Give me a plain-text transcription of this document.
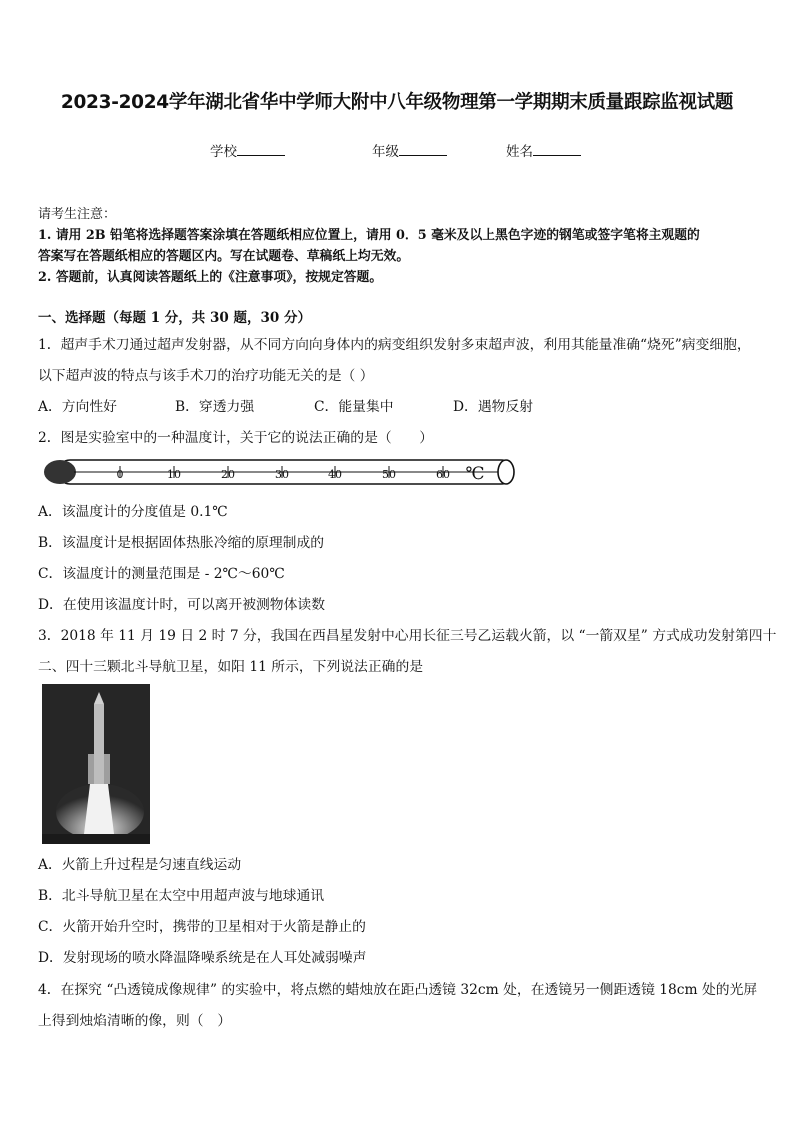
2023-2024学年湖北省华中学师大附中八年级物理第一学期期末质量跟踪监视试题
学校	年级	姓名
请考生注意：
1. 请用 2B 铅笔将选择题答案涂填在答题纸相应位置上，请用 0．5 毫米及以上黑色字迹的钢笔或签字笔将主观题的
答案写在答题纸相应的答题区内。写在试题卷、草稿纸上均无效。
2. 答题前，认真阅读答题纸上的《注意事项》，按规定答题。
一、选择题（每题 1 分，共 30 题，30 分）
1．超声手术刀通过超声发射器，从不同方向向身体内的病变组织发射多束超声波，利用其能量准确“烧死”病变细胞，
以下超声波的特点与该手术刀的治疗功能无关的是（ ）
A．方向性好	B．穿透力强	C．能量集中	D．遇物反射
2．图是实验室中的一种温度计，关于它的说法正确的是（　　）
0	10	20	30	40	50	60 ℃
A．该温度计的分度值是 0.1℃
B．该温度计是根据固体热胀冷缩的原理制成的
C．该温度计的测量范围是 - 2℃～60℃
D．在使用该温度计时，可以离开被测物体读数
3．2018 年 11 月 19 日 2 时 7 分，我国在西昌星发射中心用长征三号乙运载火箭，以 “一箭双星” 方式成功发射第四十
二、四十三颗北斗导航卫星，如阳 11 所示，下列说法正确的是
A．火箭上升过程是匀速直线运动
B．北斗导航卫星在太空中用超声波与地球通讯
C．火箭开始升空时，携带的卫星相对于火箭是静止的
D．发射现场的喷水降温降噪系统是在人耳处减弱噪声
4．在探究 “凸透镜成像规律” 的实验中，将点燃的蜡烛放在距凸透镜 32cm 处，在透镜另一侧距透镜 18cm 处的光屏
上得到烛焰清晰的像，则（　）
